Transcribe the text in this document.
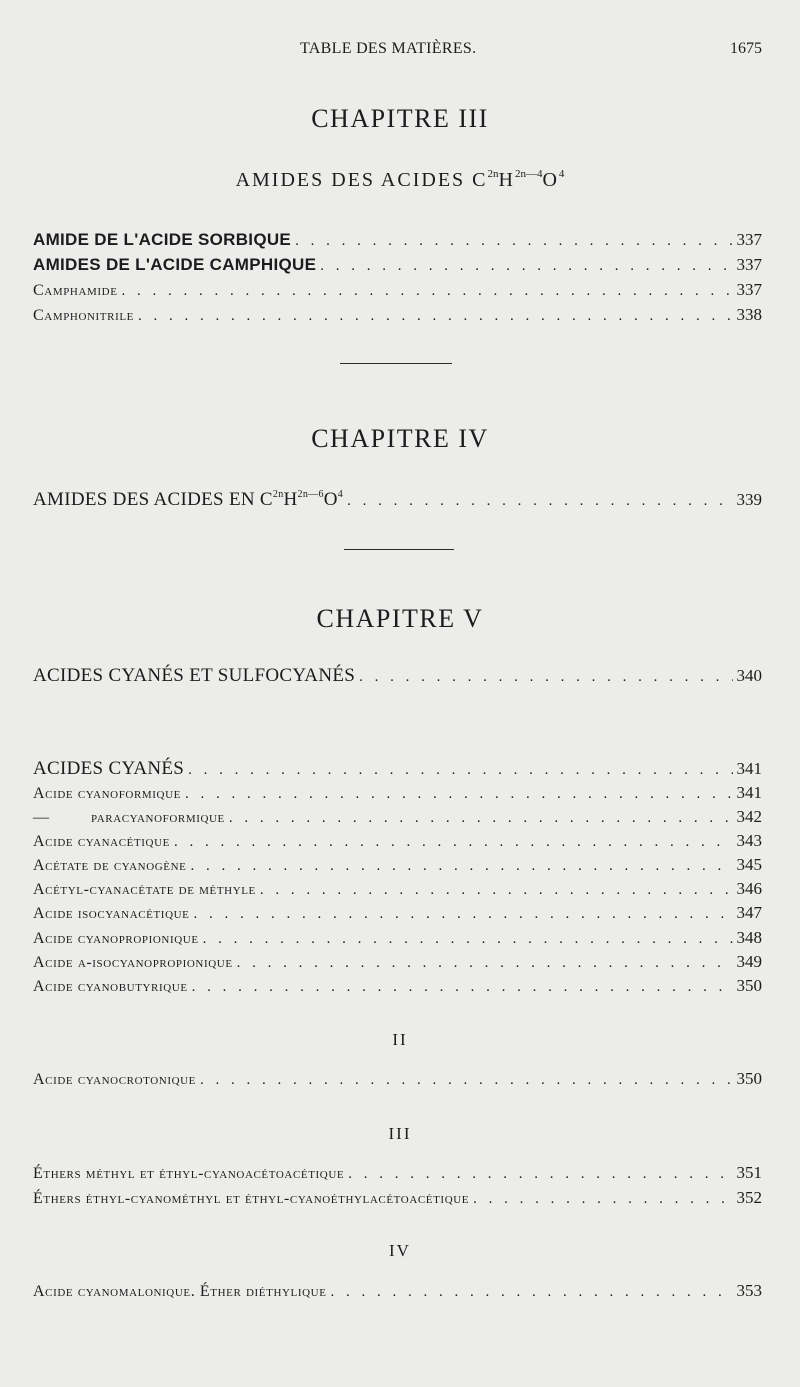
TABLE DES MATIÈRES.	1675
CHAPITRE III
AMIDES DES ACIDES $C^{2n}H^{2n—4}O^4$
AMIDE DE L'ACIDE SORBIQUE . . .	337
AMIDES DE L'ACIDE CAMPHIQUE . . .	337
Camphamide . . .	337
Camphonitrile . . .	338
CHAPITRE IV
AMIDES DES ACIDES EN $C^{2n}H^{2n—6}O^4$ . . .	339
CHAPITRE V
ACIDES CYANÉS ET SULFOCYANÉS . . .	340
ACIDES CYANÉS . . .	341
Acide cyanoformique . . .	341
—	paracyanoformique . . .	342
Acide cyanacétique . . .	343
Acétate de cyanogène . . .	345
Acétyl-cyanacétate de méthyle . . .	346
Acide isocyanacétique . . .	347
Acide cyanopropionique . . .	348
Acide α-isocyanopropionique . . .	349
Acide cyanobutyrique . . .	350
II
Acide cyanocrotonique . . .	350
III
Éthers méthyl et éthyl-cyanoacétoacétique . . .	351
Éthers éthyl-cyanométhyl et éthyl-cyanoéthylacétoacétique . . .	352
IV
Acide cyanomalonique. Éther diéthylique . . .	353
